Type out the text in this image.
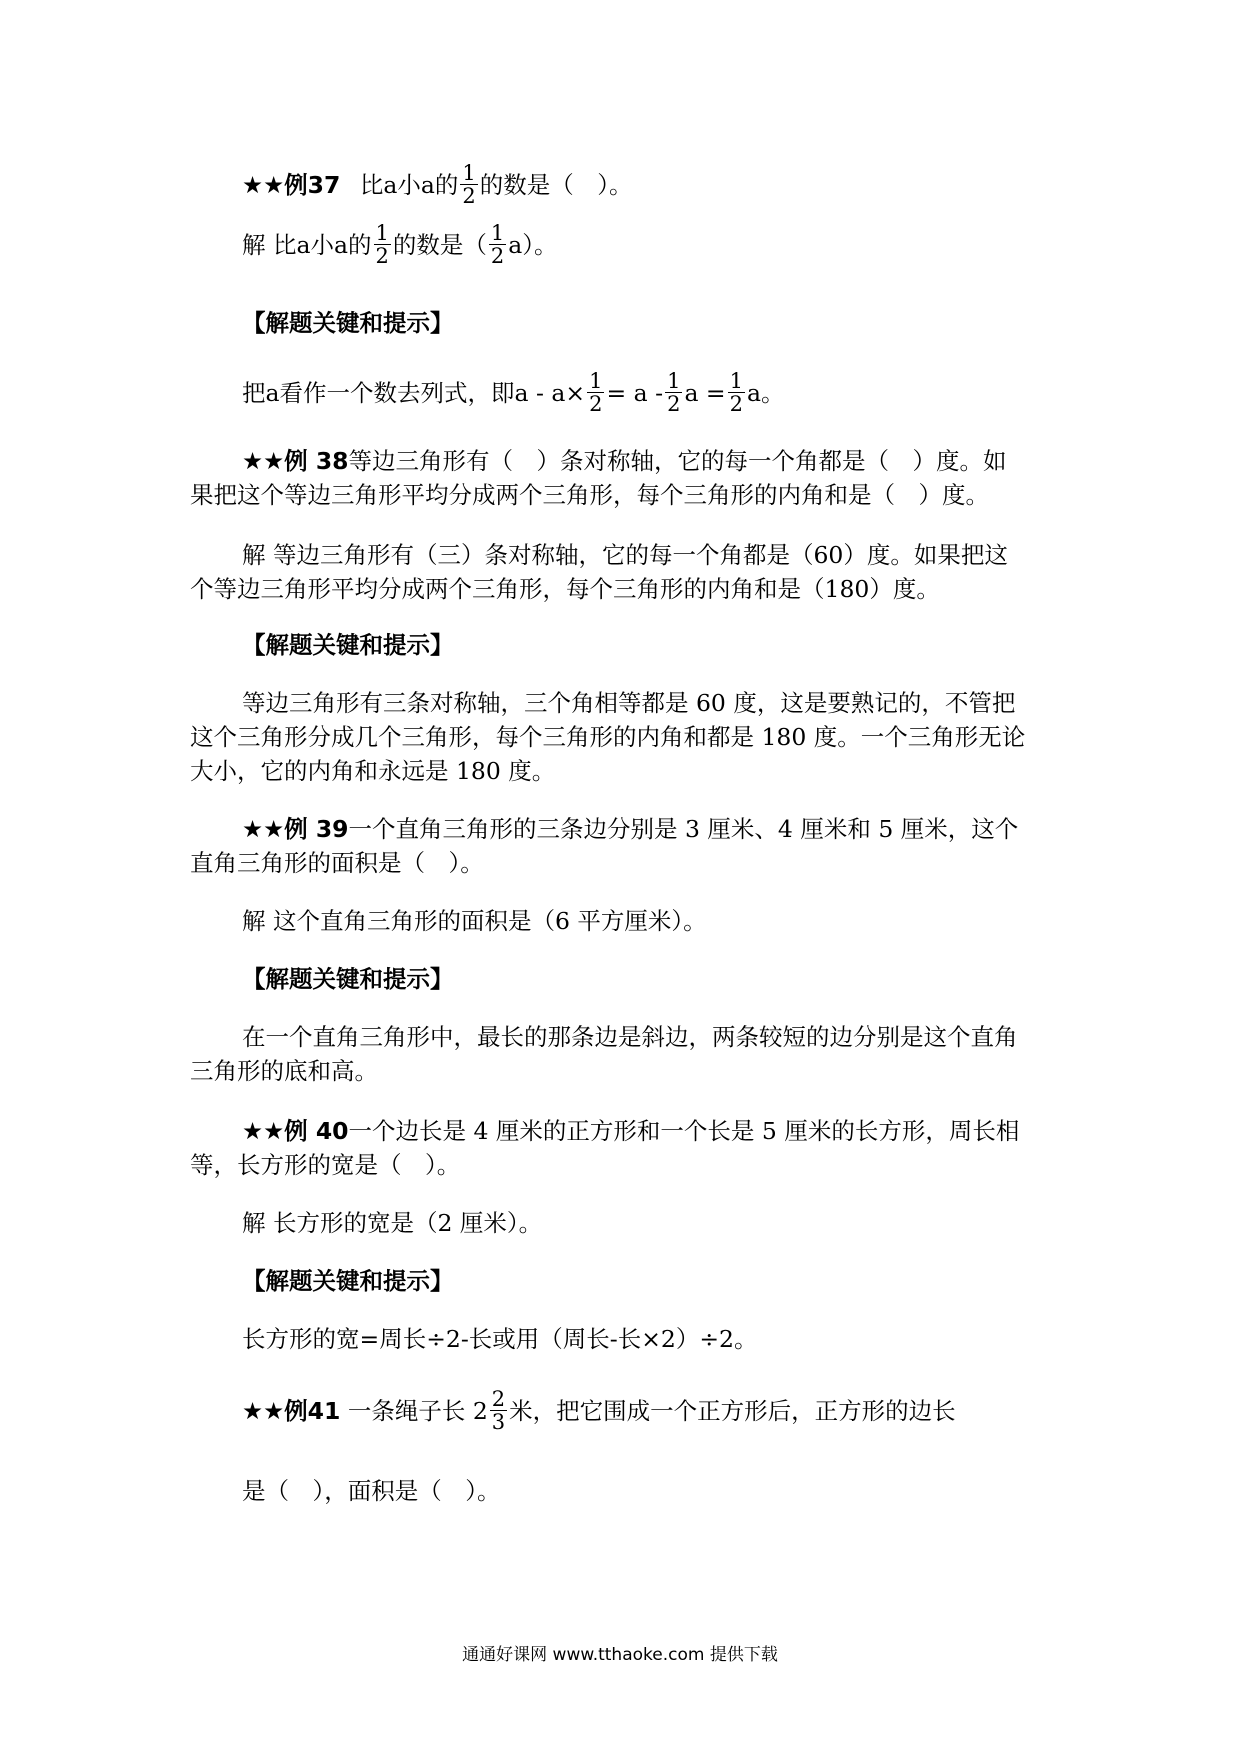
★★例37 比a小a的 $\frac{1}{2}$ 的数是（　）。
解 比a小a的 $\frac{1}{2}$ 的数是（ $\frac{1}{2} a$）。
【解题关键和提示】
把a看作一个数去列式，即$a - a\times \frac{1}{2} = a - \frac{1}{2}$ $a = \frac{1}{2}$ a。
★★例 38等边三角形有（　）条对称轴，它的每一个角都是（　）度。如
果把这个等边三角形平均分成两个三角形，每个三角形的内角和是（　）度。
解 等边三角形有（三）条对称轴，它的每一个角都是（60）度。如果把这
个等边三角形平均分成两个三角形，每个三角形的内角和是（180）度。
【解题关键和提示】
等边三角形有三条对称轴，三个角相等都是 60 度，这是要熟记的，不管把
这个三角形分成几个三角形，每个三角形的内角和都是 180 度。一个三角形无论
大小，它的内角和永远是 180 度。
★★例 39一个直角三角形的三条边分别是 3 厘米、4 厘米和 5 厘米，这个
直角三角形的面积是（　）。
解 这个直角三角形的面积是（6 平方厘米）。
【解题关键和提示】
在一个直角三角形中，最长的那条边是斜边，两条较短的边分别是这个直角
三角形的底和高。
★★例 40一个边长是 4 厘米的正方形和一个长是 5 厘米的长方形，周长相
等，长方形的宽是（　）。
解 长方形的宽是（2 厘米）。
【解题关键和提示】
长方形的宽=周长÷2-长或用（周长-长×2）÷2。
★★例41 一条绳子长 $2 \frac{2}{3}$ 米，把它围成一个正方形后，正方形的边长
是（　），面积是（　）。
通通好课网 www.tthaoke.com 提供下载
